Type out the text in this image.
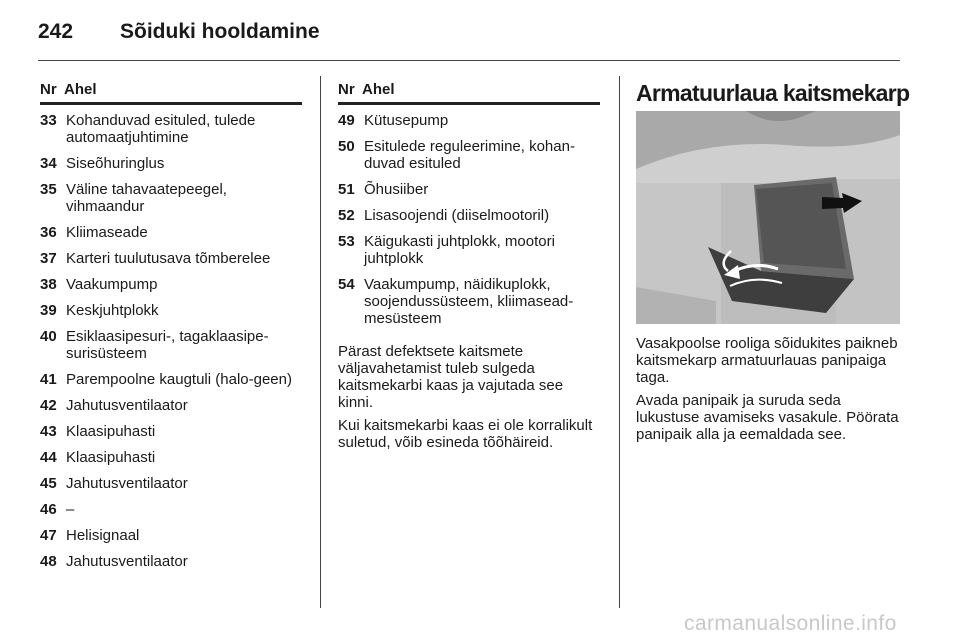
242 Sõiduki hooldamine
Nr Ahel
33 Kohanduvad esituled, tulede automaatjuhtimine
34 Siseõhuringlus
35 Väline tahavaatepeegel, vihmaandur
36 Kliimaseade
37 Karteri tuulutusava tõmberelee
38 Vaakumpump
39 Keskjuhtplokk
40 Esiklaasipesuri-, tagaklaasipe-surisüsteem
41 Parempoolne kaugtuli (halo-geen)
42 Jahutusventilaator
43 Klaasipuhasti
44 Klaasipuhasti
45 Jahutusventilaator
46 –
47 Helisignaal
48 Jahutusventilaator
Nr Ahel
49 Kütusepump
50 Esitulede reguleerimine, kohan-duvad esituled
51 Õhusiiber
52 Lisasoojendi (diiselmootoril)
53 Käigukasti juhtplokk, mootori juhtplokk
54 Vaakumpump, näidikuplokk, soojendussüsteem, kliimasead-mesüsteem

Pärast defektsete kaitsmete väljavahetamist tuleb sulgeda kaitsmekarbi kaas ja vajutada see kinni.

Kui kaitsmekarbi kaas ei ole korralikult suletud, võib esineda tõõhäireid.

Armatuurlaua kaitsmekarp

Vasakpoolse rooliga sõidukites paikneb kaitsmekarp armatuurlauas panipaiga taga.

Avada panipaik ja suruda seda lukustuse avamiseks vasakule. Pöörata panipaik alla ja eemaldada see.

carmanualsonline.info
